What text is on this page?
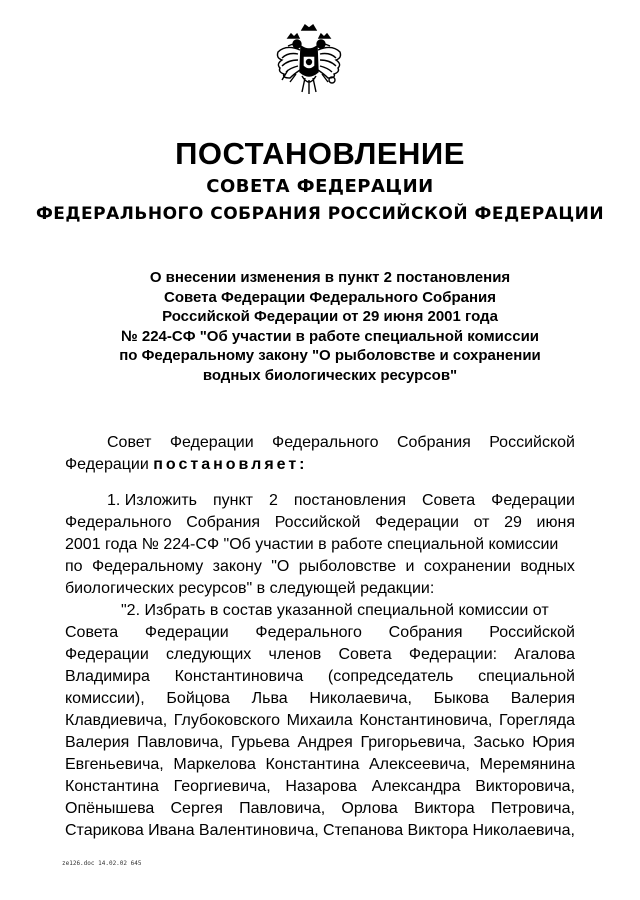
ПОСТАНОВЛЕНИЕ
СОВЕТА ФЕДЕРАЦИИ
ФЕДЕРАЛЬНОГО СОБРАНИЯ РОССИЙСКОЙ ФЕДЕРАЦИИ
О внесении изменения в пункт 2 постановления
Совета Федерации Федерального Собрания
Российской Федерации от 29 июня 2001 года
№ 224-СФ "Об участии в работе специальной комиссии
по Федеральному закону "О рыболовстве и сохранении
водных биологических ресурсов"
Совет Федерации Федерального Собрания Российской
Федерации постановляет:
1. Изложить пункт 2 постановления Совета Федерации
Федерального Собрания Российской Федерации от 29 июня
2001 года № 224-СФ "Об участии в работе специальной комиссии
по Федеральному закону "О рыболовстве и сохранении водных
биологических ресурсов" в следующей редакции:
"2. Избрать в состав указанной специальной комиссии от
Совета Федерации Федерального Собрания Российской
Федерации следующих членов Совета Федерации: Агалова
Владимира Константиновича (сопредседатель специальной
комиссии), Бойцова Льва Николаевича, Быкова Валерия
Клавдиевича, Глубоковского Михаила Константиновича, Горегляда
Валерия Павловича, Гурьева Андрея Григорьевича, Засько Юрия
Евгеньевича, Маркелова Константина Алексеевича, Меремянина
Константина Георгиевича, Назарова Александра Викторовича,
Опёнышева Сергея Павловича, Орлова Виктора Петровича,
Старикова Ивана Валентиновича, Степанова Виктора Николаевича,
ze126.doc 14.02.02 645
